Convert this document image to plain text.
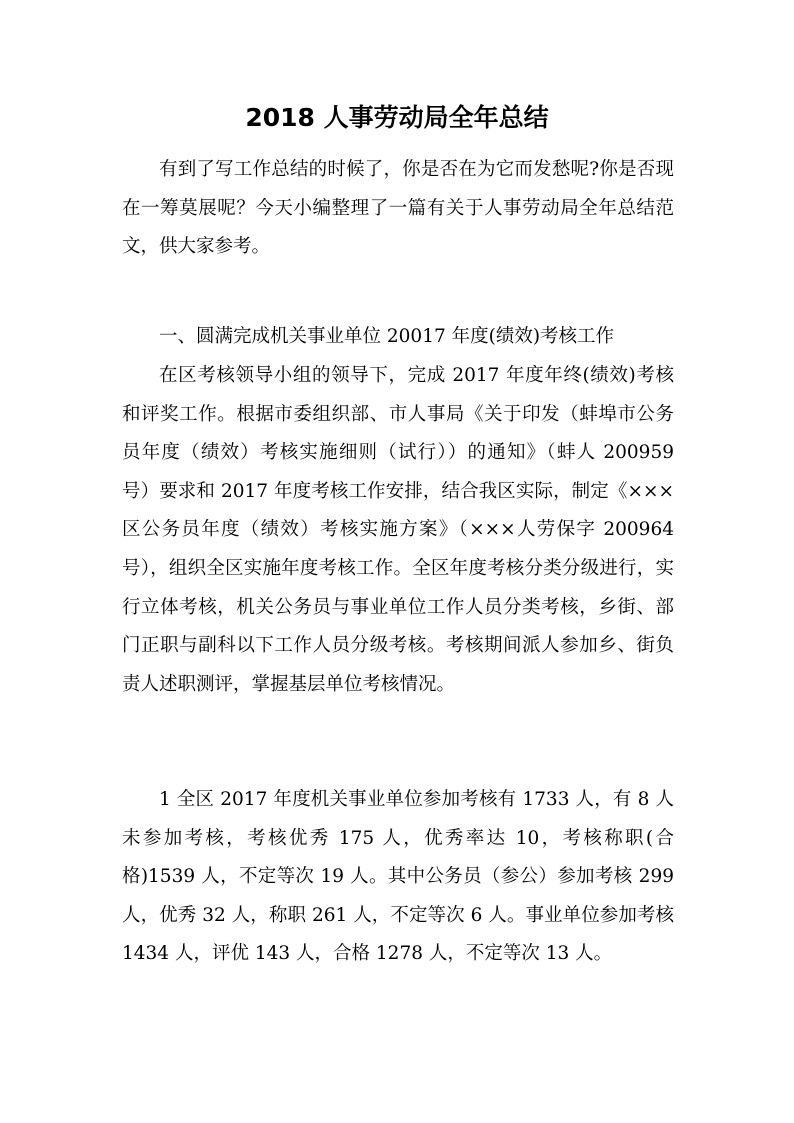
2018 人事劳动局全年总结

有到了写工作总结的时候了，你是否在为它而发愁呢?你是否现在一筹莫展呢？今天小编整理了一篇有关于人事劳动局全年总结范文，供大家参考。

一、圆满完成机关事业单位 20017 年度(绩效)考核工作

在区考核领导小组的领导下，完成 2017 年度年终(绩效)考核和评奖工作。根据市委组织部、市人事局《关于印发（蚌埠市公务员年度（绩效）考核实施细则（试行））的通知》（蚌人 200959 号）要求和 2017 年度考核工作安排，结合我区实际，制定《×××区公务员年度（绩效）考核实施方案》（×××人劳保字 200964 号），组织全区实施年度考核工作。全区年度考核分类分级进行，实行立体考核，机关公务员与事业单位工作人员分类考核，乡街、部门正职与副科以下工作人员分级考核。考核期间派人参加乡、街负责人述职测评，掌握基层单位考核情况。

1 全区 2017 年度机关事业单位参加考核有 1733 人，有 8 人未参加考核，考核优秀 175 人，优秀率达 10，考核称职(合格)1539 人，不定等次 19 人。其中公务员（参公）参加考核 299 人，优秀 32 人，称职 261 人，不定等次 6 人。事业单位参加考核 1434 人，评优 143 人，合格 1278 人，不定等次 13 人。
